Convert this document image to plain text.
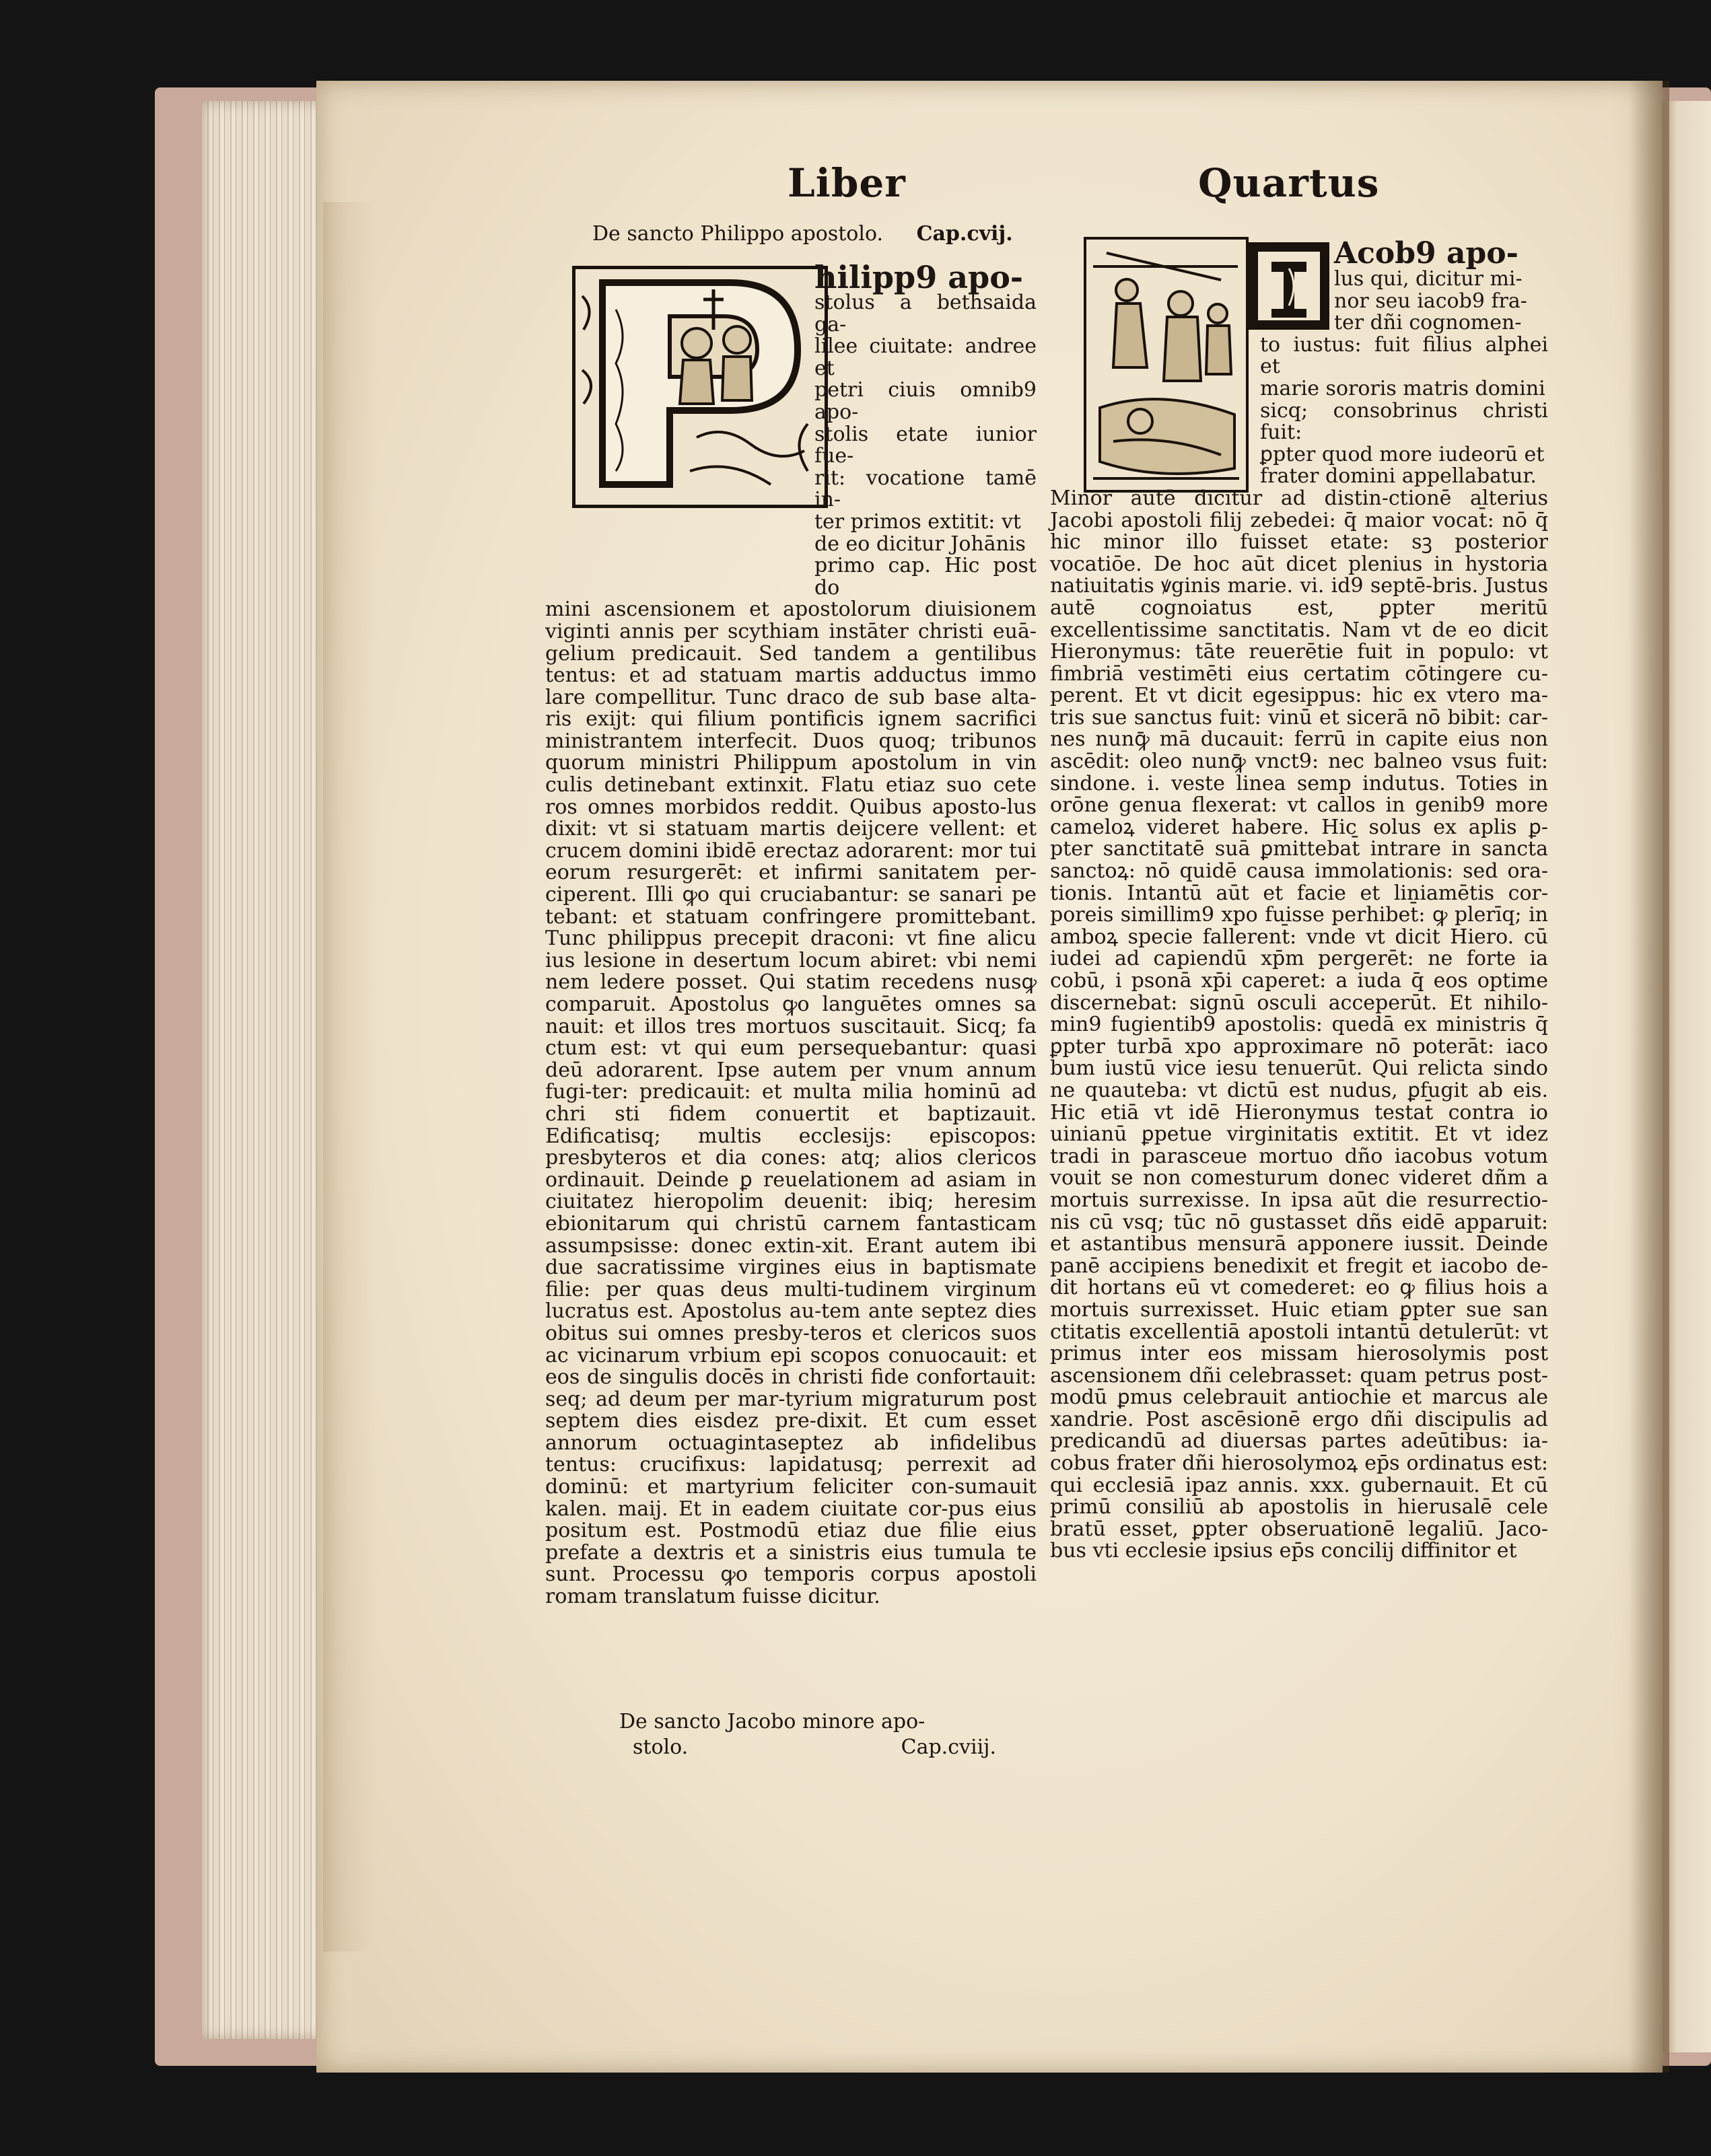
Liber	Quartus
De sancto Philippo apostolo. Cap.cvij.

hilipp9 apo-

stolus a bethsaida ga-

lilee ciuitate: andree et

petri ciuis omnib9 apo-

stolis etate iunior fue-

rit: vocatione tamē in-

ter primos extitit: vt

de eo dicitur Johānis

primo cap. Hic post do

mini ascensionem et apostolorum diuisionem viginti annis per scythiam instāter christi euā-gelium predicauit. Sed tandem a gentilibus tentus: et ad statuam martis adductus immo lare compellitur. Tunc draco de sub base alta-ris exijt: qui filium pontificis ignem sacrifici ministrantem interfecit. Duos quoq; tribunos quorum ministri Philippum apostolum in vin culis detinebant extinxit. Flatu etiaz suo cete ros omnes morbidos reddit. Quibus aposto-lus dixit: vt si statuam martis deijcere vellent: et crucem domini ibidē erectaz adorarent: mor tui eorum resurgerēt: et infirmi sanitatem per-ciperent. Illi ꝙo qui cruciabantur: se sanari pe tebant: et statuam confringere promittebant. Tunc philippus precepit draconi: vt fine alicu ius lesione in desertum locum abiret: vbi nemi nem ledere posset. Qui statim recedens nusꝙ comparuit. Apostolus ꝙo languētes omnes sa nauit: et illos tres mortuos suscitauit. Sicq; fa ctum est: vt qui eum persequebantur: quasi deū adorarent. Ipse autem per vnum annum fugi-ter: predicauit: et multa milia hominū ad chri sti fidem conuertit et baptizauit. Edificatisq; multis ecclesijs: episcopos: presbyteros et dia cones: atq; alios clericos ordinauit. Deinde ꝑ reuelationem ad asiam in ciuitatez hieropolim deuenit: ibiq; heresim ebionitarum qui christū carnem fantasticam assumpsisse: donec extin-xit. Erant autem ibi due sacratissime virgines eius in baptismate filie: per quas deus multi-tudinem virginum lucratus est. Apostolus au-tem ante septez dies obitus sui omnes presby-teros et clericos suos ac vicinarum vrbium epi scopos conuocauit: et eos de singulis docēs in christi fide confortauit: seq; ad deum per mar-tyrium migraturum post septem dies eisdez pre-dixit. Et cum esset annorum octuagintaseptez ab infidelibus tentus: crucifixus: lapidatusq; perrexit ad dominū: et martyrium feliciter con-sumauit kalen. maij. Et in eadem ciuitate cor-pus eius positum est. Postmodū etiaz due filie eius prefate a dextris et a sinistris eius tumula te sunt. Processu ꝙo temporis corpus apostoli romam translatum fuisse dicitur.

De sancto Jacobo minore apo-
stolo.	Cap.cviij.

Acob9 apo-

lus qui, dicitur mi-

nor seu iacob9 fra-

ter dñi cognomen-

to iustus: fuit filius alphei et

marie sororis matris domini

sicq; consobrinus christi fuit:

ꝑpter quod more iudeorū et

frater domini appellabatur.

Minor autē dicitur ad distin-ctionē alterius Jacobi apostoli filij zebedei: q̄ maior vocat̄: nō q̄ hic minor illo fuisset etate: sꝫ posterior vocatiōe. De hoc aūt dicet plenius in hystoria natiuitatis ꝟginis marie. vi. id9 septē-bris. Justus autē cognoiatus est, ꝑpter meritū excellentissime sanctitatis. Nam vt de eo dicit Hieronymus: tāte reuerētie fuit in populo: vt fimbriā vestimēti eius certatim cōtingere cu-perent. Et vt dicit egesippus: hic ex vtero ma-tris sue sanctus fuit: vinū et sicerā nō bibit: car-nes nunꝙ̄ mā ducauit: ferrū in capite eius non ascēdit: oleo nunꝙ̄ vnct9: nec balneo vsus fuit: sindone. i. veste linea semp indutus. Toties in orōne genua flexerat: vt callos in genib9 more cameloꝝ videret habere. Hic solus ex aplis ꝑ-pter sanctitatē suā ꝑmittebat̄ intrare in sancta sanctoꝝ: nō quidē causa immolationis: sed ora-tionis. Intantū aūt et facie et liniamētis cor-poreis simillim9 xpo fuisse perhibet̄: ꝙ plerīq; in amboꝝ specie fallerent̄: vnde vt dicit Hiero. cū iudei ad capiendū xp̄m pergerēt: ne forte ia cobū, i psonā xp̄i caperet: a iuda q̄ eos optime discernebat: signū osculi acceperūt. Et nihilo-min9 fugientib9 apostolis: quedā ex ministris q̄ ꝑpter turbā xpo approximare nō poterāt: iaco bum iustū vice iesu tenuerūt. Qui relicta sindo ne quauteba: vt dictū est nudus, ꝑfugit ab eis. Hic etiā vt idē Hieronymus testat̄ contra io uinianū ꝑpetue virginitatis extitit. Et vt idez tradi in parasceue mortuo dño iacobus votum vouit se non comesturum donec videret dñm a mortuis surrexisse. In ipsa aūt die resurrectio-nis cū vsq; tūc nō gustasset dñs eidē apparuit: et astantibus mensurā apponere iussit. Deinde panē accipiens benedixit et fregit et iacobo de-dit hortans eū vt comederet: eo ꝙ filius hois a mortuis surrexisset. Huic etiam ꝑpter sue san ctitatis excellentiā apostoli intantū detulerūt: vt primus inter eos missam hierosolymis post ascensionem dñi celebrasset: quam petrus post-modū ꝑmus celebrauit antiochie et marcus ale xandrie. Post ascēsionē ergo dñi discipulis ad predicandū ad diuersas partes adeūtibus: ia-cobus frater dñi hierosolymoꝝ ep̄s ordinatus est: qui ecclesiā ipaz annis. xxx. gubernauit. Et cū primū consiliū ab apostolis in hierusalē cele bratū esset, ꝑpter obseruationē legaliū. Jaco-bus vti ecclesie ipsius ep̄s concilij diffinitor et
